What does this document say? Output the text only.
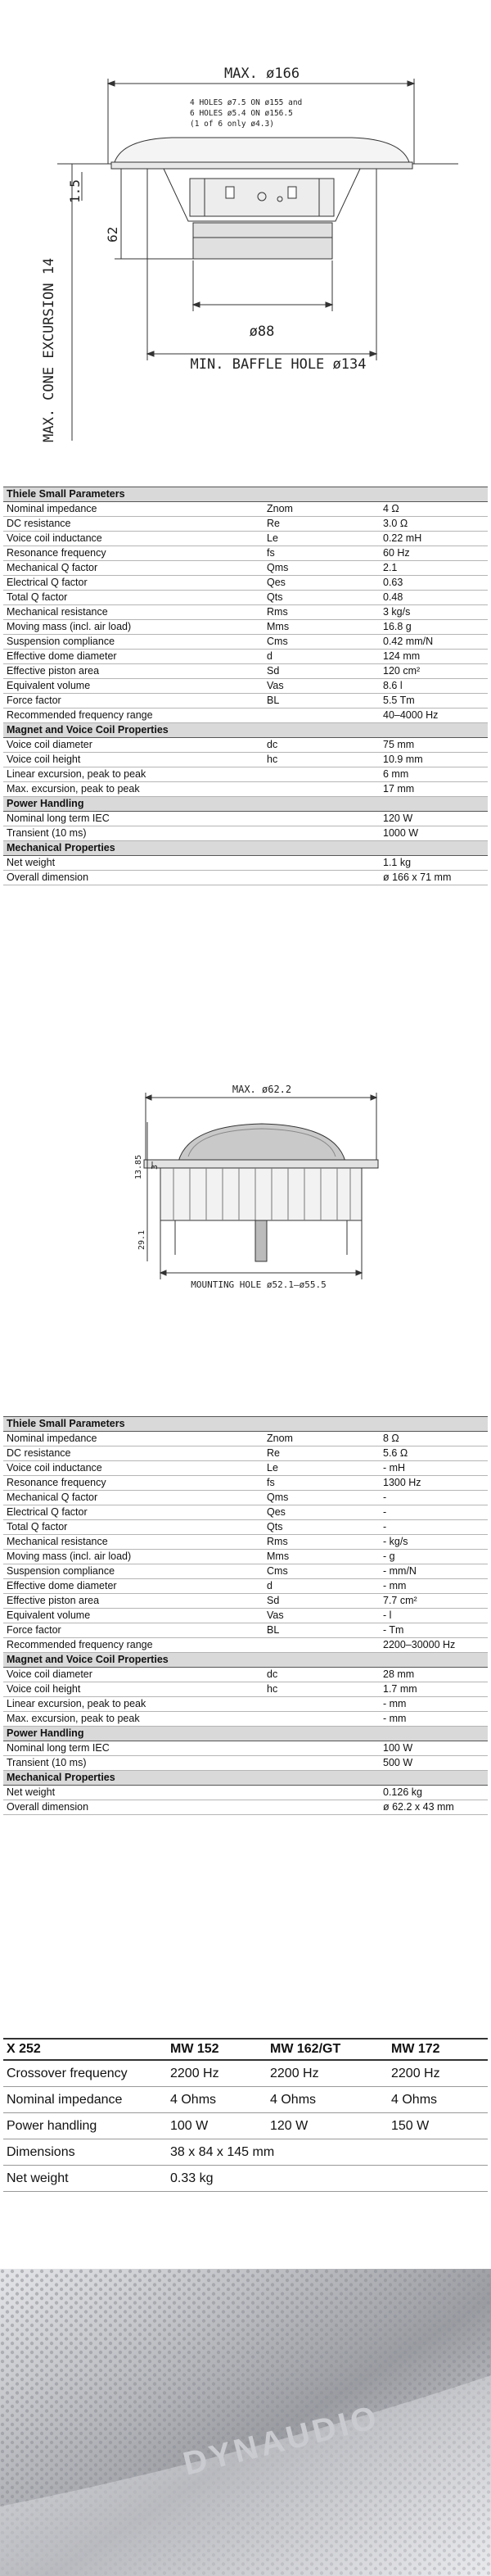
MAX. ø166
4 HOLES ø7.5 ON ø155 and
6 HOLES ø5.4 ON ø156.5
(1 of 6 only ø4.3)
1.5
62
MAX. CONE EXCURSION 14	ø88
MIN. BAFFLE HOLE ø134
Thiele Small Parameters		
Nominal impedance	Znom	4 Ω
DC resistance	Re	3.0 Ω
Voice coil inductance	Le	0.22 mH
Resonance frequency	fs	60 Hz
Mechanical Q factor	Qms	2.1
Electrical Q factor	Qes	0.63
Total Q factor	Qts	0.48
Mechanical resistance	Rms	3 kg/s
Moving mass (incl. air load)	Mms	16.8 g
Suspension compliance	Cms	0.42 mm/N
Effective dome diameter	d	124 mm
Effective piston area	Sd	120 cm²
Equivalent volume	Vas	8.6 l
Force factor	BL	5.5 Tm
Recommended frequency range		40–4000 Hz
Magnet and Voice Coil Properties		
Voice coil diameter	dc	75 mm
Voice coil height	hc	10.9 mm
Linear excursion, peak to peak		6 mm
Max. excursion, peak to peak		17 mm
Power Handling		
Nominal long term IEC		120 W
Transient (10 ms)		1000 W
Mechanical Properties		
Net weight		1.1 kg
Overall dimension		ø 166 x 71 mm
MAX. ø62.2
13.85 3
29.1
MOUNTING HOLE ø52.1–ø55.5
Thiele Small Parameters		
Nominal impedance	Znom	8 Ω
DC resistance	Re	5.6 Ω
Voice coil inductance	Le	- mH
Resonance frequency	fs	1300 Hz
Mechanical Q factor	Qms	-
Electrical Q factor	Qes	-
Total Q factor	Qts	-
Mechanical resistance	Rms	- kg/s
Moving mass (incl. air load)	Mms	- g
Suspension compliance	Cms	- mm/N
Effective dome diameter	d	- mm
Effective piston area	Sd	7.7 cm²
Equivalent volume	Vas	- l
Force factor	BL	- Tm
Recommended frequency range		2200–30000 Hz
Magnet and Voice Coil Properties		
Voice coil diameter	dc	28 mm
Voice coil height	hc	1.7 mm
Linear excursion, peak to peak		- mm
Max. excursion, peak to peak		- mm
Power Handling		
Nominal long term IEC		100 W
Transient (10 ms)		500 W
Mechanical Properties		
Net weight		0.126 kg
Overall dimension		ø 62.2 x 43 mm
X 252	MW 152	MW 162/GT	MW 172
Crossover frequency	2200 Hz	2200 Hz	2200 Hz
Nominal impedance	4 Ohms	4 Ohms	4 Ohms
Power handling	100 W	120 W	150 W
Dimensions	38 x 84 x 145 mm		
Net weight	0.33 kg		
DYNAUDIO
